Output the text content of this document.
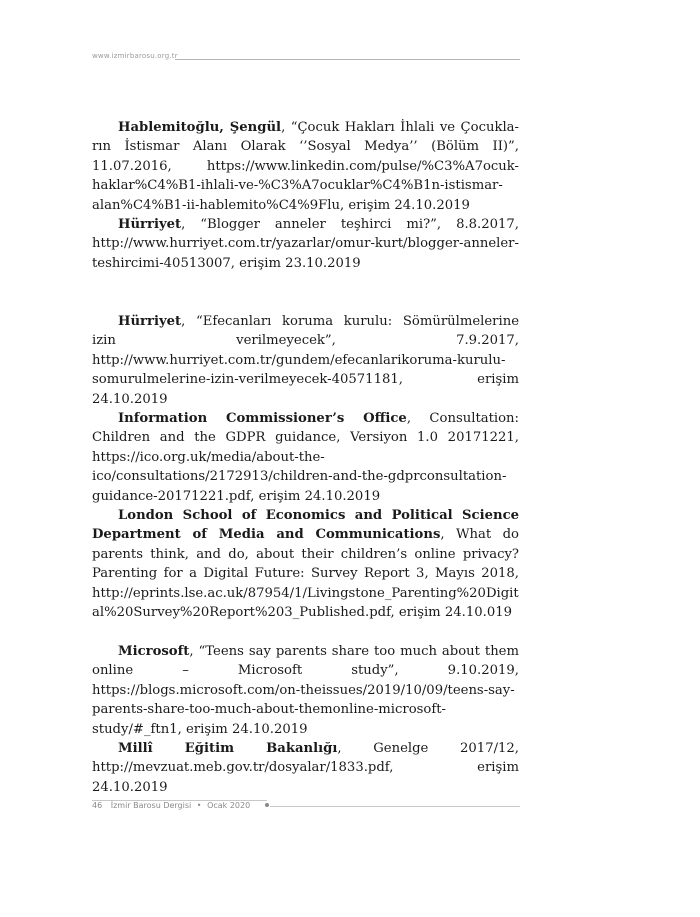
www.izmirbarosu.org.tr

Hablemitoğlu, Şengül, “Çocuk Hakları İhlali ve Çocukların İstismar Alanı Olarak ‘’Sosyal Medya’’ (Bölüm II)”, 11.07.2016, https://www.linkedin.com/pulse/%C3%A7ocuk-haklar%C4%B1-ihlali-ve-%C3%A7ocuklar%C4%B1n-istismar-alan%C4%B1-ii-hablemito%C4%9Flu, erişim 24.10.2019

Hürriyet, “Blogger anneler teşhirci mi?”, 8.8.2017, http://www.hurriyet.com.tr/yazarlar/omur-kurt/blogger-anneler-teshircimi-40513007, erişim 23.10.2019

Hürriyet, “Efecanları koruma kurulu: Sömürülmelerine izin verilmeyecek”, 7.9.2017, http://www.hurriyet.com.tr/gundem/efecanlarikoruma-kurulu-somurulmelerine-izin-verilmeyecek-40571181, erişim 24.10.2019

Information Commissioner’s Office, Consultation: Children and the GDPR guidance, Versiyon 1.0 20171221, https://ico.org.uk/media/about-the-ico/consultations/2172913/children-and-the-gdprconsultation-guidance-20171221.pdf, erişim 24.10.2019

London School of Economics and Political Science Department of Media and Communications, What do parents think, and do, about their children’s online privacy? Parenting for a Digital Future: Survey Report 3, Mayıs 2018, http://eprints.lse.ac.uk/87954/1/Livingstone_Parenting%20Digital%20Survey%20Report%203_Published.pdf, erişim 24.10.019

Microsoft, “Teens say parents share too much about them online – Microsoft study”, 9.10.2019, https://blogs.microsoft.com/on-theissues/2019/10/09/teens-say-parents-share-too-much-about-themonline-microsoft-study/#_ftn1, erişim 24.10.2019

Millî Eğitim Bakanlığı, Genelge 2017/12, http://mevzuat.meb.gov.tr/dosyalar/1833.pdf, erişim 24.10.2019

46 İzmir Barosu Dergisi • Ocak 2020
